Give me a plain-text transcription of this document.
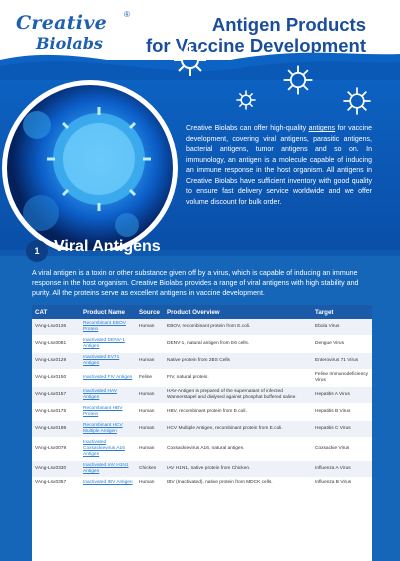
Creative
Biolabs
®	Antigen Products
for Vaccine Development

Creative Biolabs can offer high-quality antigens for vaccine development, covering viral antigens, parasitic antigens, bacterial antigens, tumor antigens and so on. In immunology, an antigen is a molecule capable of inducing an immune response in the host organism. All antigens in Creative Biolabs have sufficient inventory with good quality to ensure fast delivery service worldwide and we offer volume discount for bulk order.

1 Viral Antigens

A viral antigen is a toxin or other substance given off by a virus, which is capable of inducing an immune response in the host organism. Creative Biolabs provides a range of viral antigens with high stability and purity. All the proteins serve as excellent antigens in vaccine development.

CAT	Product Name	Source	Product Overview	Target
VAng-Lsx0136	Recombinant EBOV Protein	Human	EBOV, recombinant protein from E.coli.	Ebola Virus
VAng-Lsx0081	Inactivated DENV-1 Antigen		DENV-1, natural antigen from E6 cells.	Dengue Virus
VAng-Lsx0129	Inactivated EV71 Antigen	Human	Native protein from 2BS Cells	Enterovirus 71 Virus
VAng-Lsx0150	Inactivated FIV Antigen	Feline	FIV, natural protein.	Feline Immunodeficiency Virus
VAng-Lsx0157	Inactivated HAV Antigen	Human	HAV-Antigen is prepared of the supernatant of infected Wannerstapel and dialysed against phosphat buffered saline.	Hepatitis A Virus
VAng-Lsx0175	Recombinant HBV Protein	Human	HBV, recombinant protein from E.coli.	Hepatitis B Virus
VAng-Lsx0198	Recombinant HCV Multiple Antigen	Human	HCV Multiple Antigen, recombinant protein from E.coli.	Hepatitis C Virus
VAng-Lsx0079	Inactivated Coxsackievirus A16 Antigen	Human	Coxsackievirus A16, natural antigen.	Coxsackie Virus
VAng-Lsx0330	Inactivated IAV H1N1 Antigen	Chicken	IAV H1N1, native protein from Chicken.	Influenza A Virus
VAng-Lsx0357	Inactivated IBV Antigen	Human	IBV (Inactivated), native protein from MDCK cells.	Influenza B Virus
